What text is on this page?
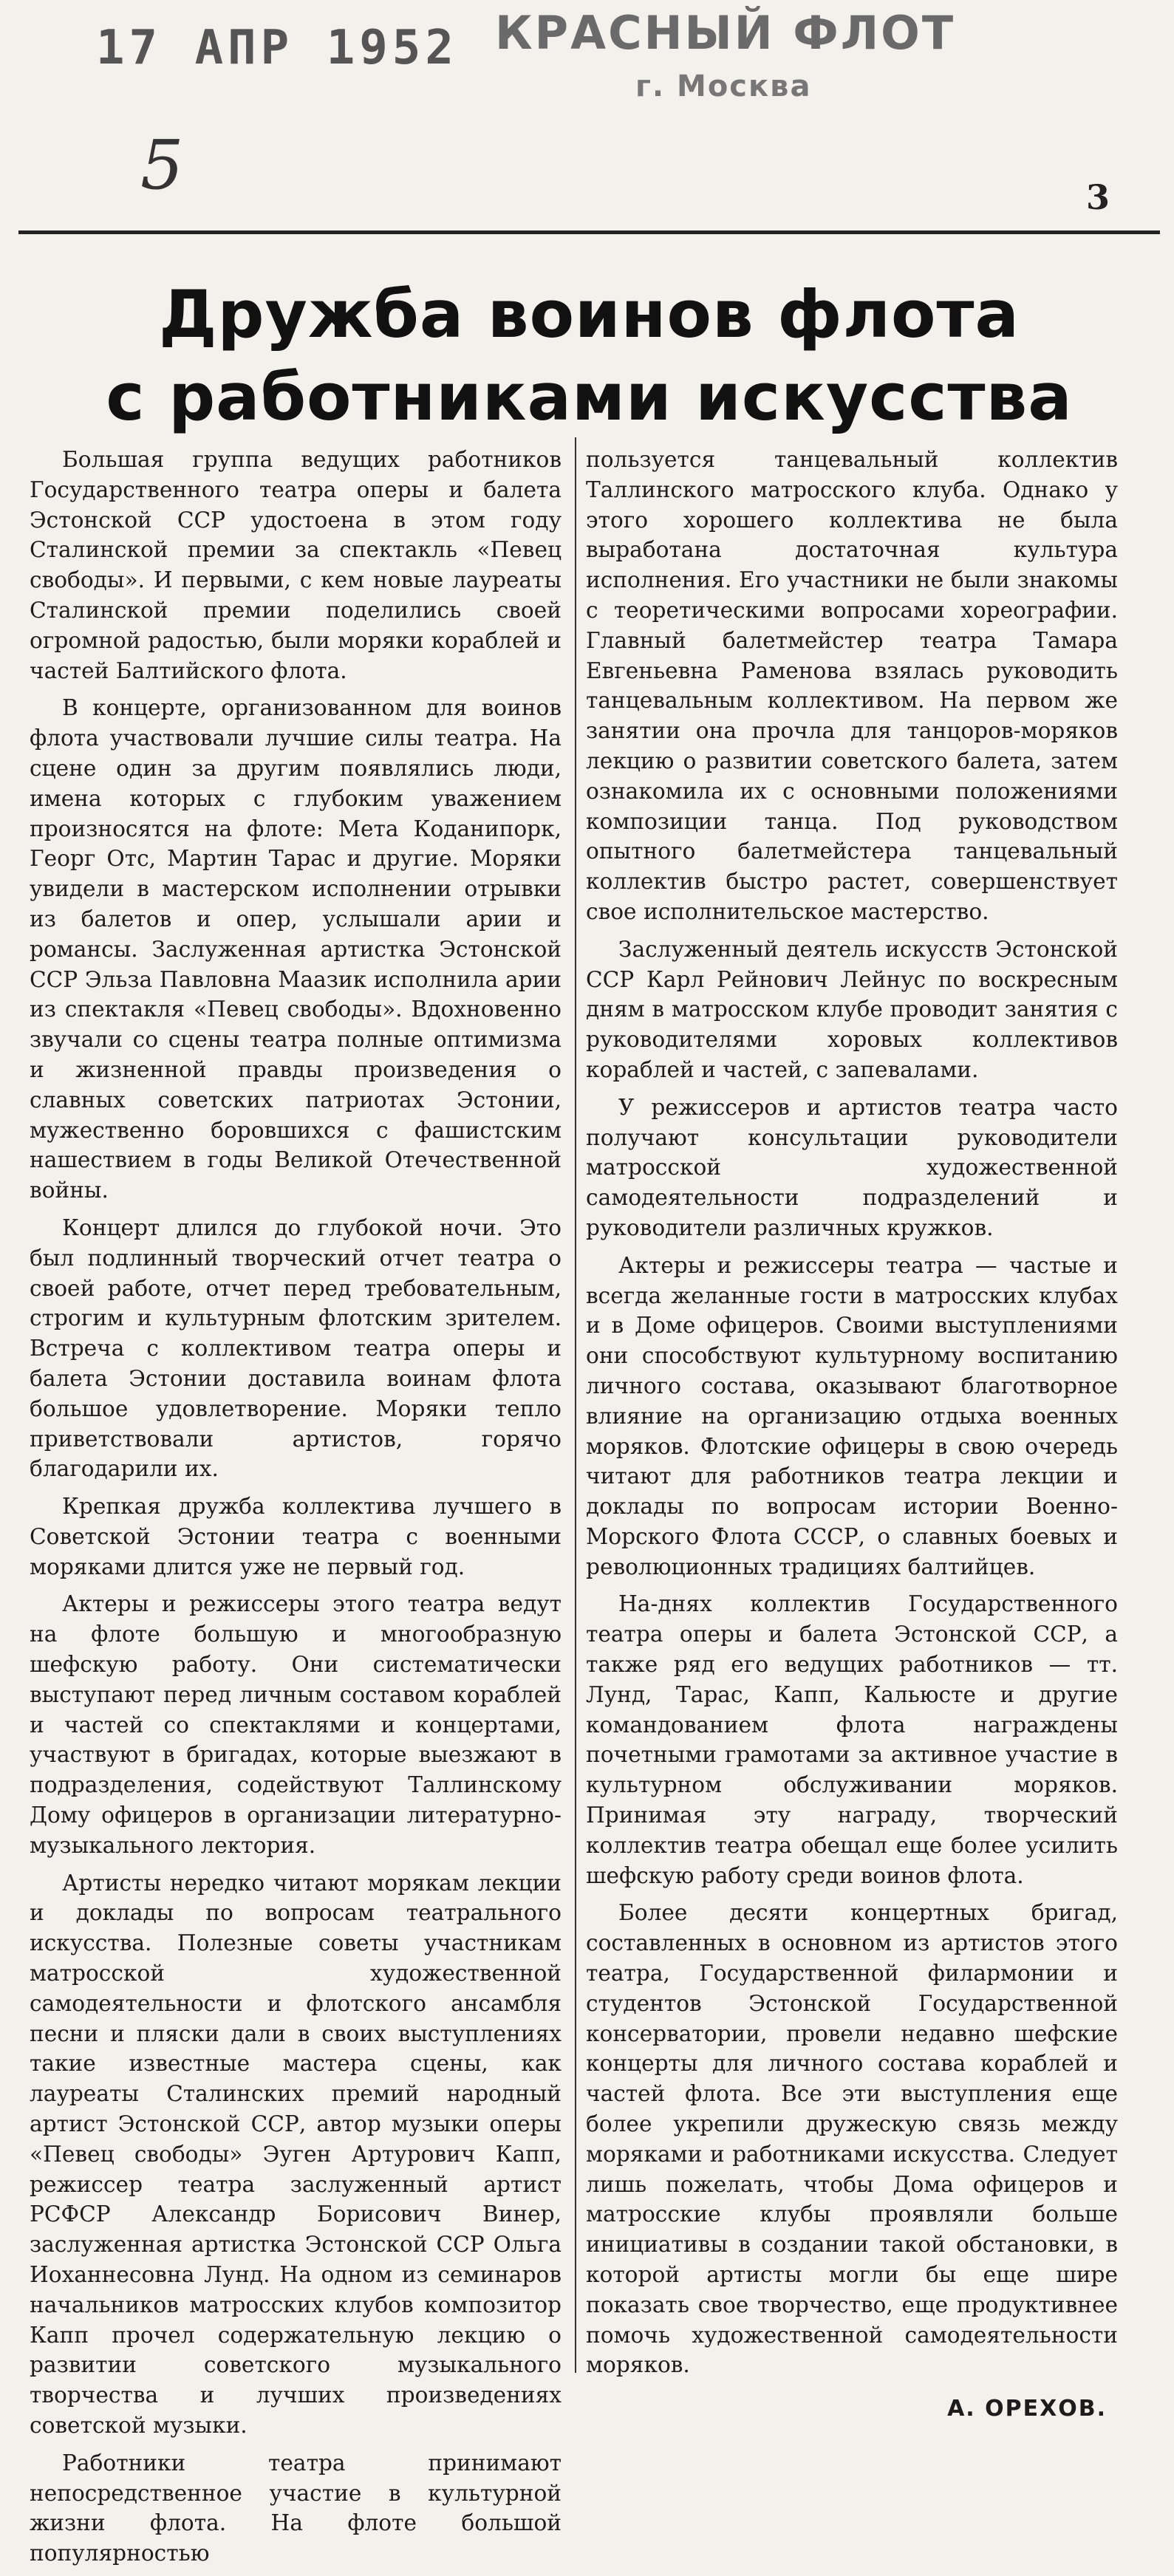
17 АПР 1952 КРАСНЫЙ ФЛОТ
г. Москва
5	3
Дружба воинов флота
с работниками искусства

Большая группа ведущих работников Государственного театра оперы и балета Эстонской ССР удостоена в этом году Сталинской премии за спектакль «Певец свободы». И первыми, с кем новые лауреаты Сталинской премии поделились своей огромной радостью, были моряки кораблей и частей Балтийского флота.

В концерте, организованном для воинов флота участвовали лучшие силы театра. На сцене один за другим появлялись люди, имена которых с глубоким уважением произносятся на флоте: Мета Коданипорк, Георг Отс, Мартин Тарас и другие. Моряки увидели в мастерском исполнении отрывки из балетов и опер, услышали арии и романсы. Заслуженная артистка Эстонской ССР Эльза Павловна Маазик исполнила арии из спектакля «Певец свободы». Вдохновенно звучали со сцены театра полные оптимизма и жизненной правды произведения о славных советских патриотах Эстонии, мужественно боровшихся с фашистским нашествием в годы Великой Отечественной войны.

Концерт длился до глубокой ночи. Это был подлинный творческий отчет театра о своей работе, отчет перед требовательным, строгим и культурным флотским зрителем. Встреча с коллективом театра оперы и балета Эстонии доставила воинам флота большое удовлетворение. Моряки тепло приветствовали артистов, горячо благодарили их.

Крепкая дружба коллектива лучшего в Советской Эстонии театра с военными моряками длится уже не первый год.

Актеры и режиссеры этого театра ведут на флоте большую и многообразную шефскую работу. Они систематически выступают перед личным составом кораблей и частей со спектаклями и концертами, участвуют в бригадах, которые выезжают в подразделения, содействуют Таллинскому Дому офицеров в организации литературно-музыкального лектория.

Артисты нередко читают морякам лекции и доклады по вопросам театрального искусства. Полезные советы участникам матросской художественной самодеятельности и флотского ансамбля песни и пляски дали в своих выступлениях такие известные мастера сцены, как лауреаты Сталинских премий народный артист Эстонской ССР, автор музыки оперы «Певец свободы» Эуген Артурович Капп, режиссер театра заслуженный артист РСФСР Александр Борисович Винер, заслуженная артистка Эстонской ССР Ольга Иоханнесовна Лунд. На одном из семинаров начальников матросских клубов композитор Капп прочел содержательную лекцию о развитии советского музыкального творчества и лучших произведениях советской музыки.

Работники театра принимают непосредственное участие в культурной жизни флота. На флоте большой популярностью

пользуется танцевальный коллектив Таллинского матросского клуба. Однако у этого хорошего коллектива не была выработана достаточная культура исполнения. Его участники не были знакомы с теоретическими вопросами хореографии. Главный балетмейстер театра Тамара Евгеньевна Раменова взялась руководить танцевальным коллективом. На первом же занятии она прочла для танцоров-моряков лекцию о развитии советского балета, затем ознакомила их с основными положениями композиции танца. Под руководством опытного балетмейстера танцевальный коллектив быстро растет, совершенствует свое исполнительское мастерство.

Заслуженный деятель искусств Эстонской ССР Карл Рейнович Лейнус по воскресным дням в матросском клубе проводит занятия с руководителями хоровых коллективов кораблей и частей, с запевалами.

У режиссеров и артистов театра часто получают консультации руководители матросской художественной самодеятельности подразделений и руководители различных кружков.

Актеры и режиссеры театра — частые и всегда желанные гости в матросских клубах и в Доме офицеров. Своими выступлениями они способствуют культурному воспитанию личного состава, оказывают благотворное влияние на организацию отдыха военных моряков. Флотские офицеры в свою очередь читают для работников театра лекции и доклады по вопросам истории Военно-Морского Флота СССР, о славных боевых и революционных традициях балтийцев.

На-днях коллектив Государственного театра оперы и балета Эстонской ССР, а также ряд его ведущих работников — тт. Лунд, Тарас, Капп, Кальюсте и другие командованием флота награждены почетными грамотами за активное участие в культурном обслуживании моряков. Принимая эту награду, творческий коллектив театра обещал еще более усилить шефскую работу среди воинов флота.

Более десяти концертных бригад, составленных в основном из артистов этого театра, Государственной филармонии и студентов Эстонской Государственной консерватории, провели недавно шефские концерты для личного состава кораблей и частей флота. Все эти выступления еще более укрепили дружескую связь между моряками и работниками искусства. Следует лишь пожелать, чтобы Дома офицеров и матросские клубы проявляли больше инициативы в создании такой обстановки, в которой артисты могли бы еще шире показать свое творчество, еще продуктивнее помочь художественной самодеятельности моряков.

А. ОРЕХОВ.
